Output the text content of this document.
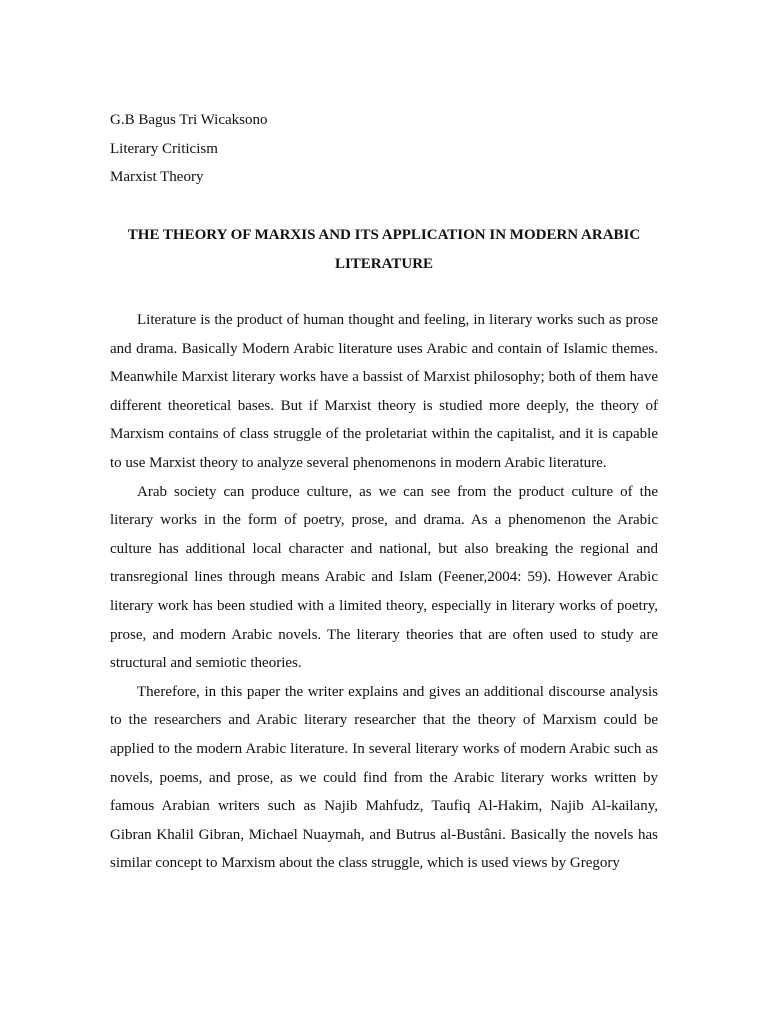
G.B Bagus Tri Wicaksono
Literary Criticism
Marxist Theory
THE THEORY OF MARXIS AND ITS APPLICATION IN MODERN ARABIC LITERATURE

Literature is the product of human thought and feeling, in literary works such as prose and drama. Basically Modern Arabic literature uses Arabic and contain of Islamic themes. Meanwhile Marxist literary works have a bassist of Marxist philosophy; both of them have different theoretical bases. But if Marxist theory is studied more deeply, the theory of Marxism contains of class struggle of the proletariat within the capitalist, and it is capable to use Marxist theory to analyze several phenomenons in modern Arabic literature.

Arab society can produce culture, as we can see from the product culture of the literary works in the form of poetry, prose, and drama. As a phenomenon the Arabic culture has additional local character and national, but also breaking the regional and transregional lines through means Arabic and Islam (Feener,2004: 59). However Arabic literary work has been studied with a limited theory, especially in literary works of poetry, prose, and modern Arabic novels. The literary theories that are often used to study are structural and semiotic theories.

Therefore, in this paper the writer explains and gives an additional discourse analysis to the researchers and Arabic literary researcher that the theory of Marxism could be applied to the modern Arabic literature. In several literary works of modern Arabic such as novels, poems, and prose, as we could find from the Arabic literary works written by famous Arabian writers such as Najib Mahfudz, Taufiq Al-Hakim, Najib Al-kailany, Gibran Khalil Gibran, Michael Nuaymah, and Butrus al-Bustâni. Basically the novels has similar concept to Marxism about the class struggle, which is used views by Gregory
